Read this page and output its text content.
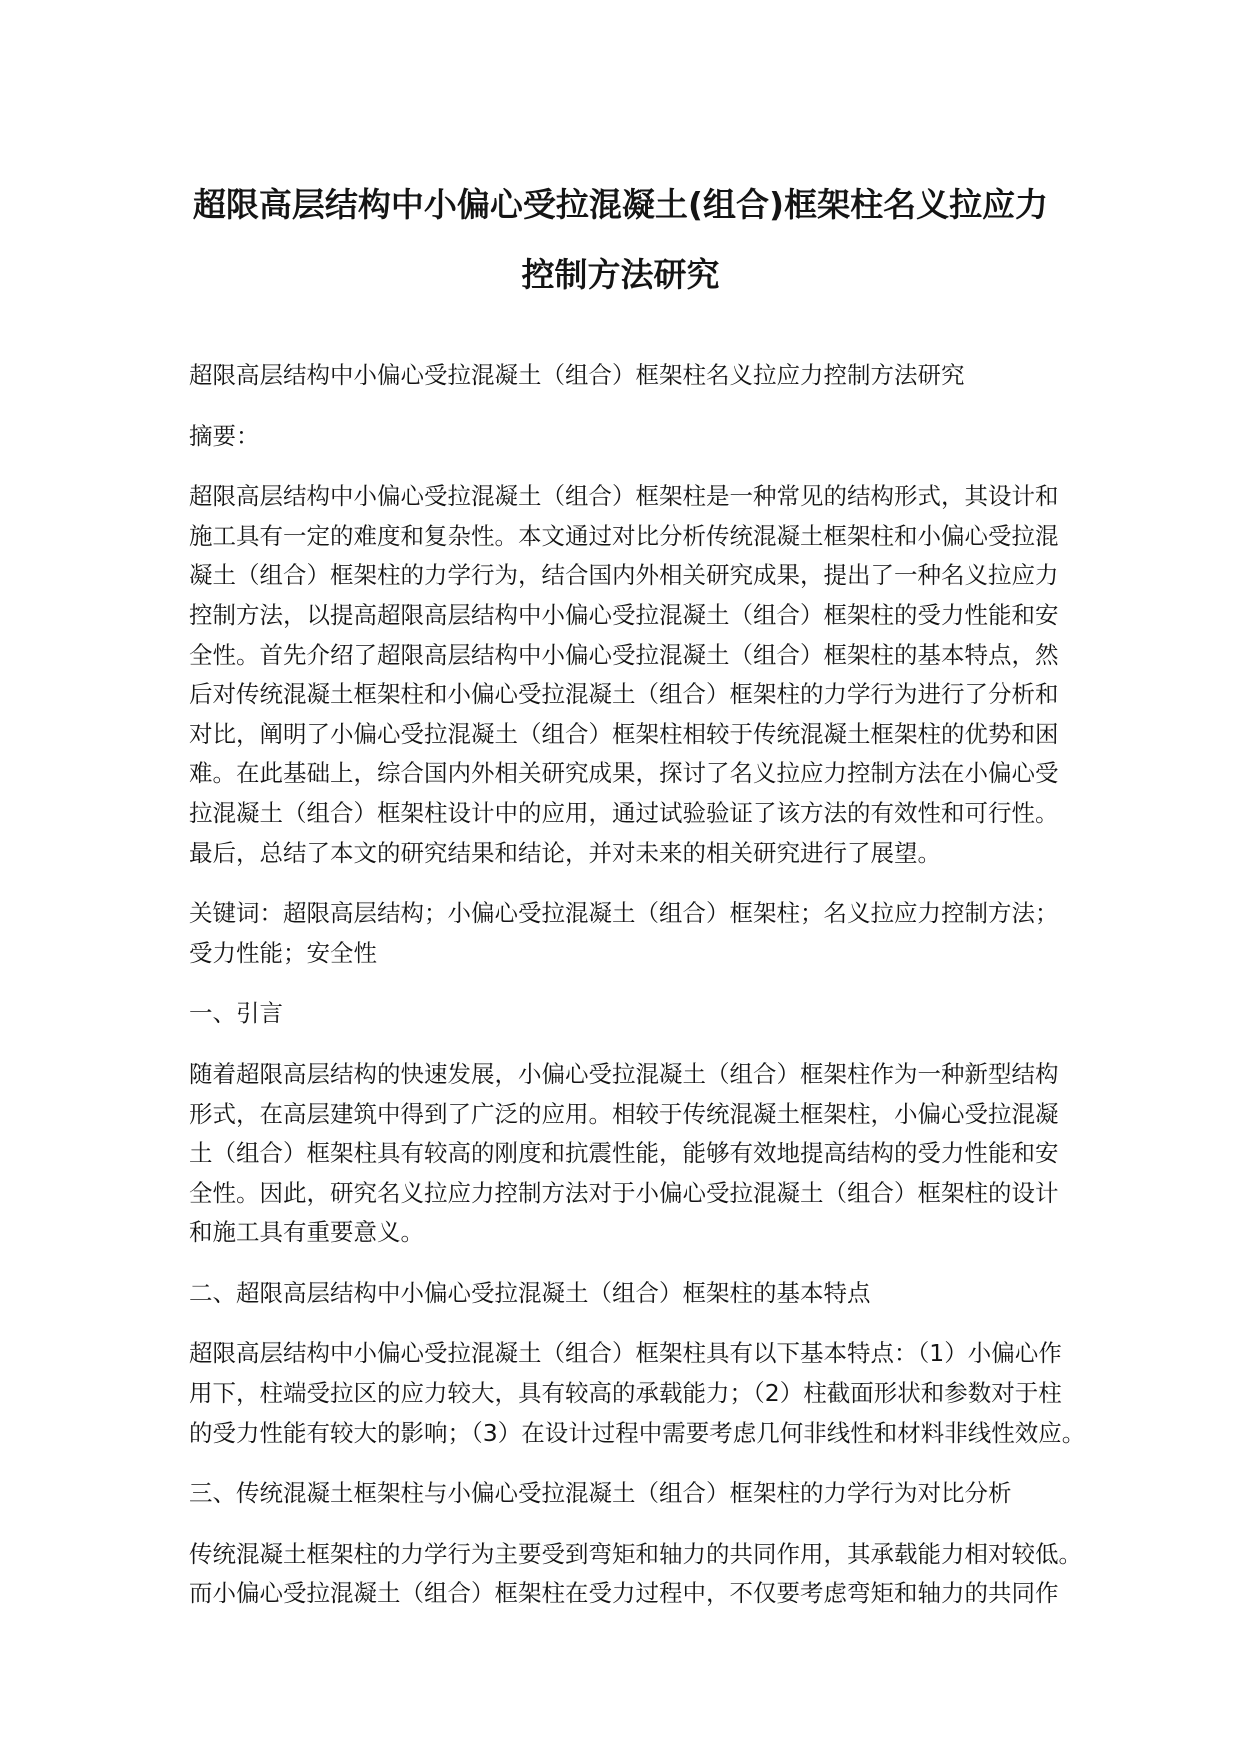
超限高层结构中小偏心受拉混凝土(组合)框架柱名义拉应力
控制方法研究

超限高层结构中小偏心受拉混凝土（组合）框架柱名义拉应力控制方法研究

摘要：

超限高层结构中小偏心受拉混凝土（组合）框架柱是一种常见的结构形式，其设计和
施工具有一定的难度和复杂性。本文通过对比分析传统混凝土框架柱和小偏心受拉混
凝土（组合）框架柱的力学行为，结合国内外相关研究成果，提出了一种名义拉应力
控制方法，以提高超限高层结构中小偏心受拉混凝土（组合）框架柱的受力性能和安
全性。首先介绍了超限高层结构中小偏心受拉混凝土（组合）框架柱的基本特点，然
后对传统混凝土框架柱和小偏心受拉混凝土（组合）框架柱的力学行为进行了分析和
对比，阐明了小偏心受拉混凝土（组合）框架柱相较于传统混凝土框架柱的优势和困
难。在此基础上，综合国内外相关研究成果，探讨了名义拉应力控制方法在小偏心受
拉混凝土（组合）框架柱设计中的应用，通过试验验证了该方法的有效性和可行性。
最后，总结了本文的研究结果和结论，并对未来的相关研究进行了展望。

关键词：超限高层结构；小偏心受拉混凝土（组合）框架柱；名义拉应力控制方法；
受力性能；安全性

一、引言

随着超限高层结构的快速发展，小偏心受拉混凝土（组合）框架柱作为一种新型结构
形式，在高层建筑中得到了广泛的应用。相较于传统混凝土框架柱，小偏心受拉混凝
土（组合）框架柱具有较高的刚度和抗震性能，能够有效地提高结构的受力性能和安
全性。因此，研究名义拉应力控制方法对于小偏心受拉混凝土（组合）框架柱的设计
和施工具有重要意义。

二、超限高层结构中小偏心受拉混凝土（组合）框架柱的基本特点

超限高层结构中小偏心受拉混凝土（组合）框架柱具有以下基本特点：（1）小偏心作
用下，柱端受拉区的应力较大，具有较高的承载能力；（2）柱截面形状和参数对于柱
的受力性能有较大的影响；（3）在设计过程中需要考虑几何非线性和材料非线性效应。

三、传统混凝土框架柱与小偏心受拉混凝土（组合）框架柱的力学行为对比分析

传统混凝土框架柱的力学行为主要受到弯矩和轴力的共同作用，其承载能力相对较低。
而小偏心受拉混凝土（组合）框架柱在受力过程中，不仅要考虑弯矩和轴力的共同作
